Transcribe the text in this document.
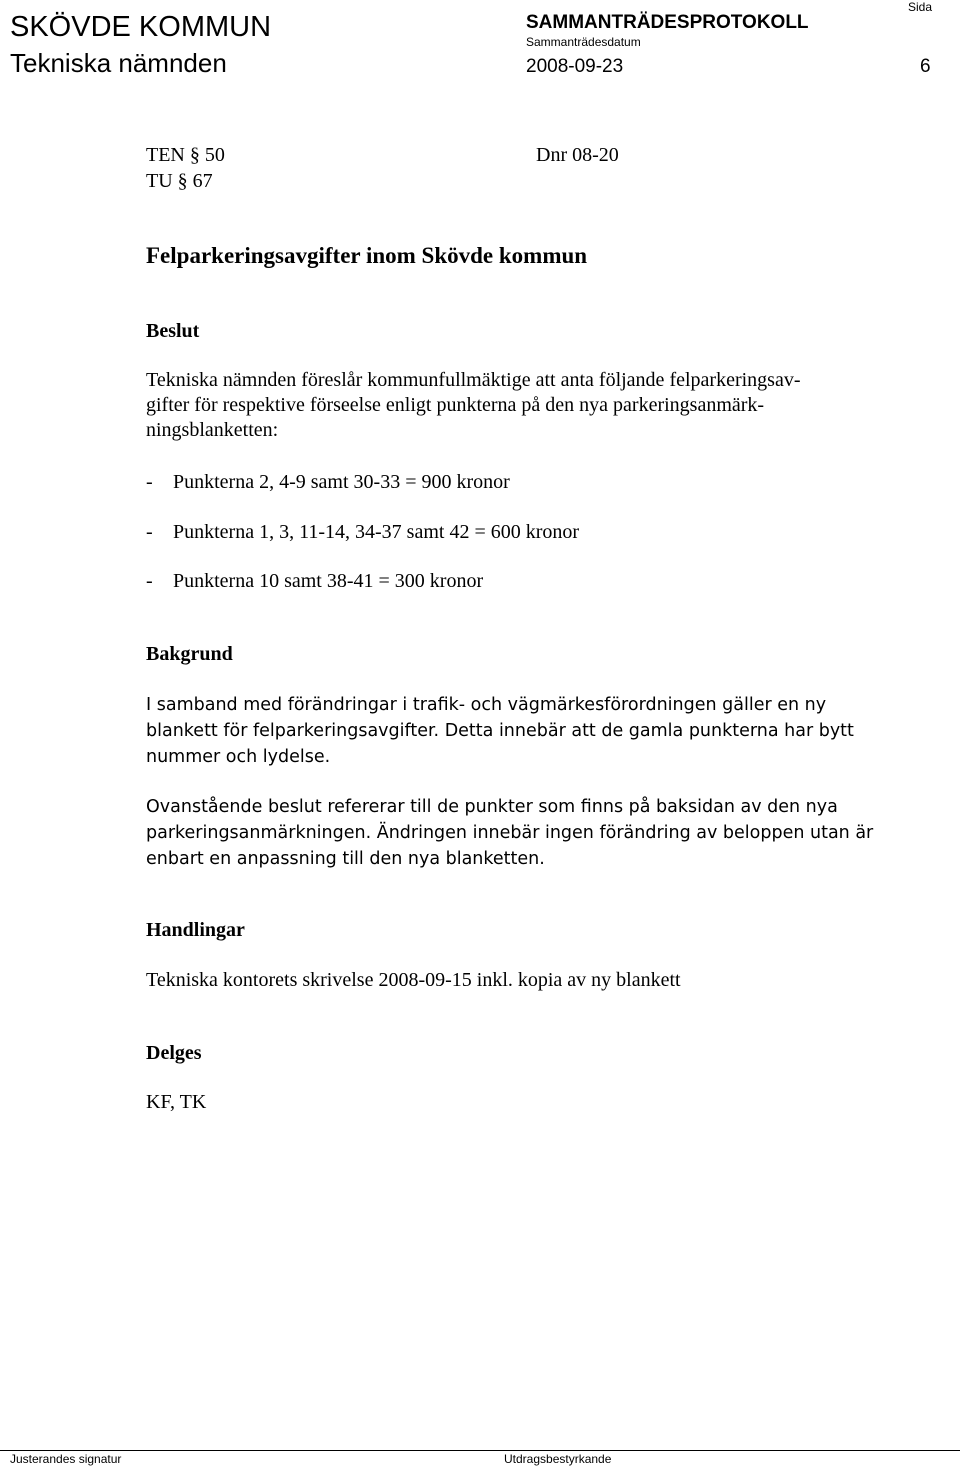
SKÖVDE KOMMUN
Tekniska nämnden
SAMMANTRÄDESPROTOKOLL
Sammanträdesdatum
2008-09-23
Sida
6
TEN § 50	Dnr 08-20
TU § 67
Felparkeringsavgifter inom Skövde kommun
Beslut
Tekniska nämnden föreslår kommunfullmäktige att anta följande felparkeringsav-
gifter för respektive förseelse enligt punkterna på den nya parkeringsanmärk-
ningsblanketten:
- Punkterna 2, 4-9 samt 30-33 = 900 kronor
- Punkterna 1, 3, 11-14, 34-37 samt 42 = 600 kronor
- Punkterna 10 samt 38-41 = 300 kronor
Bakgrund
I samband med förändringar i trafik- och vägmärkesförordningen gäller en ny
blankett för felparkeringsavgifter. Detta innebär att de gamla punkterna har bytt
nummer och lydelse.
Ovanstående beslut refererar till de punkter som finns på baksidan av den nya
parkeringsanmärkningen. Ändringen innebär ingen förändring av beloppen utan är
enbart en anpassning till den nya blanketten.
Handlingar
Tekniska kontorets skrivelse 2008-09-15 inkl. kopia av ny blankett
Delges
KF, TK
Justerandes signatur	Utdragsbestyrkande
